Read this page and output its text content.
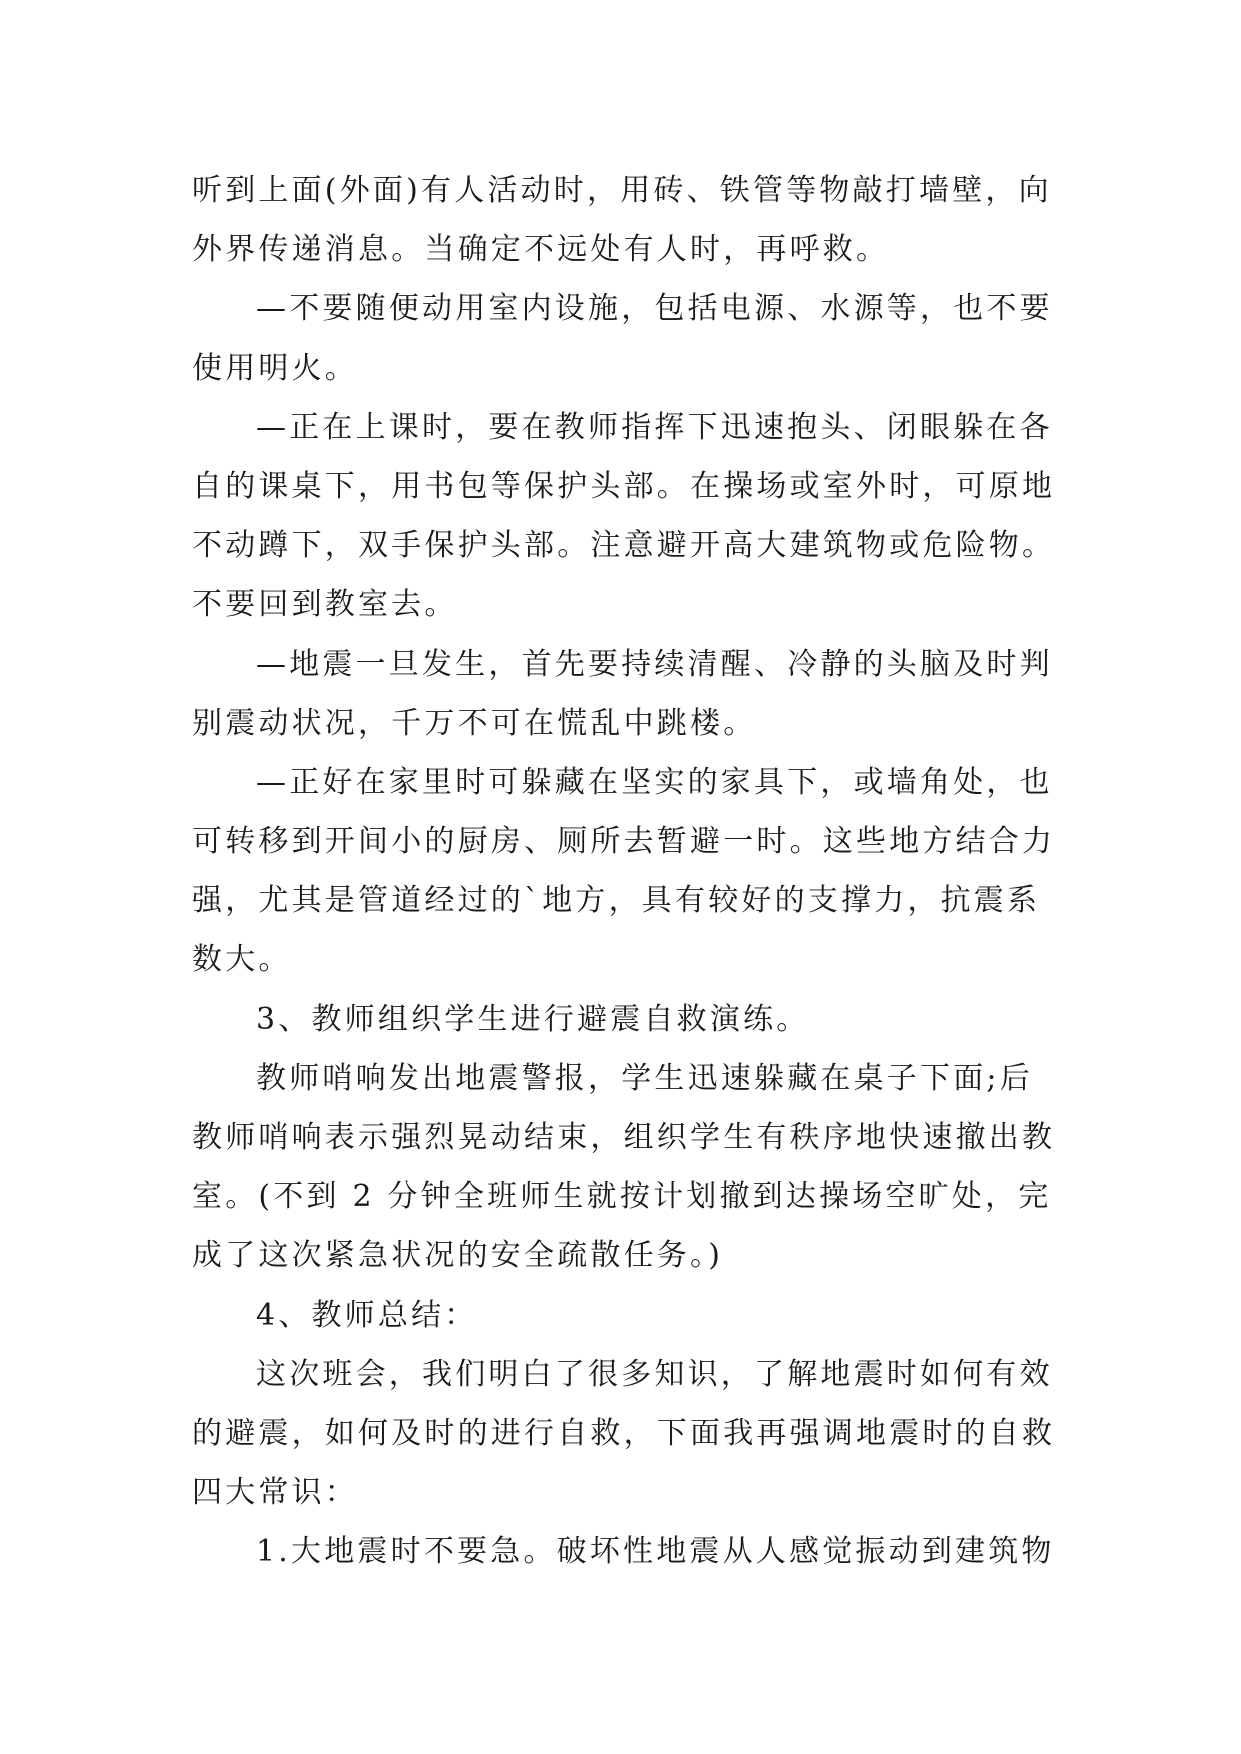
听到上面(外面)有人活动时，用砖、铁管等物敲打墙壁，向
外界传递消息。当确定不远处有人时，再呼救。
—不要随便动用室内设施，包括电源、水源等，也不要
使用明火。
—正在上课时，要在教师指挥下迅速抱头、闭眼躲在各
自的课桌下，用书包等保护头部。在操场或室外时，可原地
不动蹲下，双手保护头部。注意避开高大建筑物或危险物。
不要回到教室去。
—地震一旦发生，首先要持续清醒、冷静的头脑及时判
别震动状况，千万不可在慌乱中跳楼。
—正好在家里时可躲藏在坚实的家具下，或墙角处，也
可转移到开间小的厨房、厕所去暂避一时。这些地方结合力
强，尤其是管道经过的`地方，具有较好的支撑力，抗震系
数大。
3、教师组织学生进行避震自救演练。
教师哨响发出地震警报，学生迅速躲藏在桌子下面;后
教师哨响表示强烈晃动结束，组织学生有秩序地快速撤出教
室。(不到 2 分钟全班师生就按计划撤到达操场空旷处，完
成了这次紧急状况的安全疏散任务。)
4、教师总结：
这次班会，我们明白了很多知识，了解地震时如何有效
的避震，如何及时的进行自救，下面我再强调地震时的自救
四大常识：
1.大地震时不要急。破坏性地震从人感觉振动到建筑物
